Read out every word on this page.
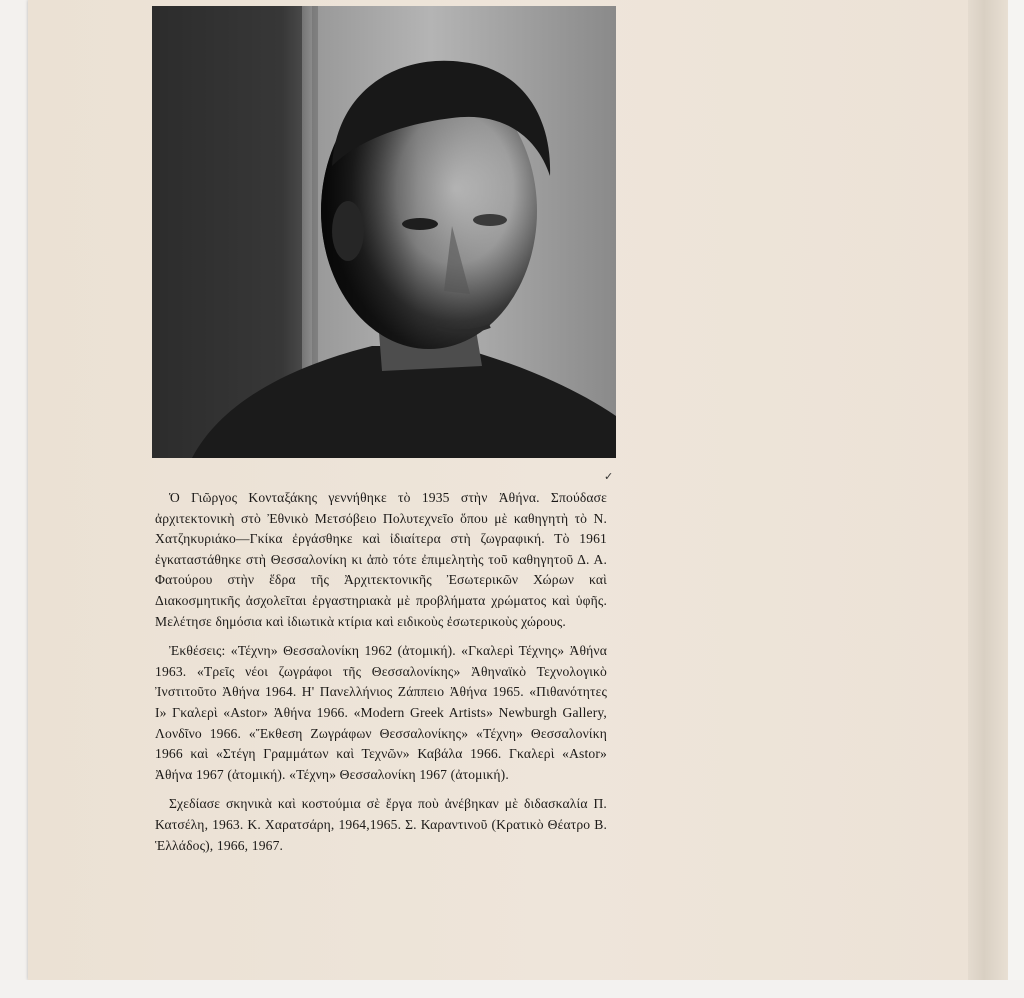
✓

Ὁ Γιῶργος Κονταξάκης γεννήθηκε τὸ 1935 στὴν Ἀθήνα. Σπούδασε ἀρχιτεκτονικὴ στὸ Ἐθνικὸ Μετσόβειο Πολυτεχνεῖο ὅπου μὲ καθηγητὴ τὸ Ν. Χατζηκυριάκο—Γκίκα ἐργάσθηκε καὶ ἰδιαίτερα στὴ ζωγραφική. Τὸ 1961 ἐγκαταστάθηκε στὴ Θεσσαλονίκη κι ἀπὸ τότε ἐπιμελητὴς τοῦ καθηγητοῦ Δ. Α. Φατούρου στὴν ἕδρα τῆς Ἀρχιτεκτονικῆς Ἐσωτερικῶν Χώρων καὶ Διακοσμητικῆς ἀσχολεῖται ἐργαστηριακὰ μὲ προβλήματα χρώματος καὶ ὑφῆς. Μελέτησε δημόσια καὶ ἰδιωτικὰ κτίρια καὶ ειδικοὺς ἐσωτερικοὺς χώρους.

Ἐκθέσεις: «Τέχνη» Θεσσαλονίκη 1962 (ἀτομική). «Γκαλερὶ Τέχνης» Ἀθήνα 1963. «Τρεῖς νέοι ζωγράφοι τῆς Θεσσαλονίκης» Ἀθηναϊκὸ Τεχνολογικὸ Ἰνστιτοῦτο Ἀθήνα 1964. Η' Πανελλήνιος Ζάππειο Ἀθήνα 1965. «Πιθανότητες Ι» Γκαλερὶ «Astor» Ἀθήνα 1966. «Modern Greek Artists» Newburgh Gallery, Λονδῖνο 1966. «Ἔκθεση Ζωγράφων Θεσσαλονίκης» «Τέχνη» Θεσσαλονίκη 1966 καὶ «Στέγη Γραμμάτων καὶ Τεχνῶν» Καβάλα 1966. Γκαλερὶ «Astor» Ἀθήνα 1967 (ἀτομική). «Τέχνη» Θεσσαλονίκη 1967 (ἀτομική).

Σχεδίασε σκηνικὰ καὶ κοστούμια σὲ ἔργα ποὺ ἀνέβηκαν μὲ διδασκαλία Π. Κατσέλη, 1963. Κ. Χαρατσάρη, 1964,1965. Σ. Καραντινοῦ (Κρατικὸ Θέατρο Β. Ἑλλάδος), 1966, 1967.
